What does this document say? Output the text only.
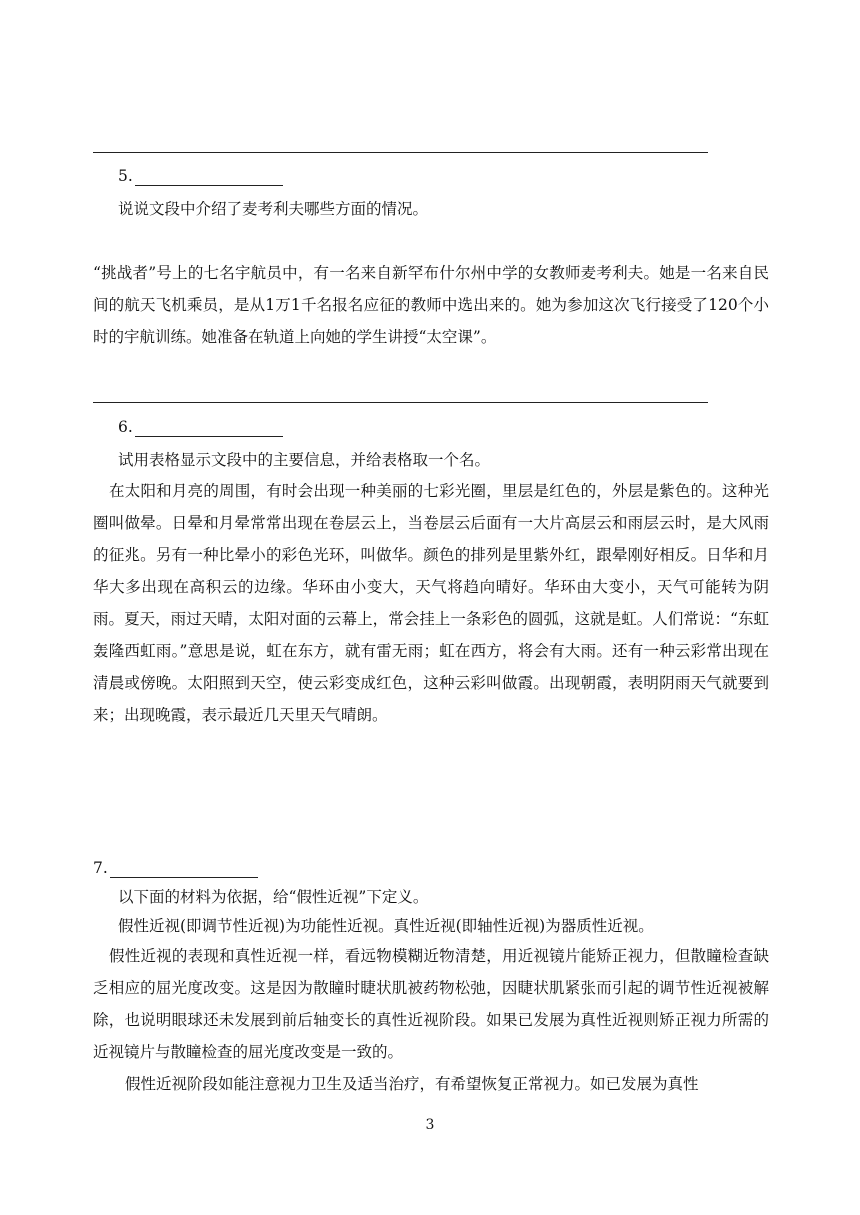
5.
说说文段中介绍了麦考利夫哪些方面的情况。

“挑战者”号上的七名宇航员中，有一名来自新罕布什尔州中学的女教师麦考利夫。她是一名来自民间的航天飞机乘员，是从1万1千名报名应征的教师中选出来的。她为参加这次飞行接受了120个小时的宇航训练。她准备在轨道上向她的学生讲授“太空课”。

6.
试用表格显示文段中的主要信息，并给表格取一个名。

在太阳和月亮的周围，有时会出现一种美丽的七彩光圈，里层是红色的，外层是紫色的。这种光圈叫做晕。日晕和月晕常常出现在卷层云上，当卷层云后面有一大片高层云和雨层云时，是大风雨的征兆。另有一种比晕小的彩色光环，叫做华。颜色的排列是里紫外红，跟晕刚好相反。日华和月华大多出现在高积云的边缘。华环由小变大，天气将趋向晴好。华环由大变小，天气可能转为阴雨。夏天，雨过天晴，太阳对面的云幕上，常会挂上一条彩色的圆弧，这就是虹。人们常说：“东虹轰隆西虹雨。”意思是说，虹在东方，就有雷无雨；虹在西方，将会有大雨。还有一种云彩常出现在清晨或傍晚。太阳照到天空，使云彩变成红色，这种云彩叫做霞。出现朝霞，表明阴雨天气就要到来；出现晚霞，表示最近几天里天气晴朗。

7.
以下面的材料为依据，给“假性近视”下定义。
假性近视(即调节性近视)为功能性近视。真性近视(即轴性近视)为器质性近视。

假性近视的表现和真性近视一样，看远物模糊近物清楚，用近视镜片能矫正视力，但散瞳检查缺乏相应的屈光度改变。这是因为散瞳时睫状肌被药物松弛，因睫状肌紧张而引起的调节性近视被解除，也说明眼球还未发展到前后轴变长的真性近视阶段。如果已发展为真性近视则矫正视力所需的近视镜片与散瞳检查的屈光度改变是一致的。

假性近视阶段如能注意视力卫生及适当治疗，有希望恢复正常视力。如已发展为真性

3
